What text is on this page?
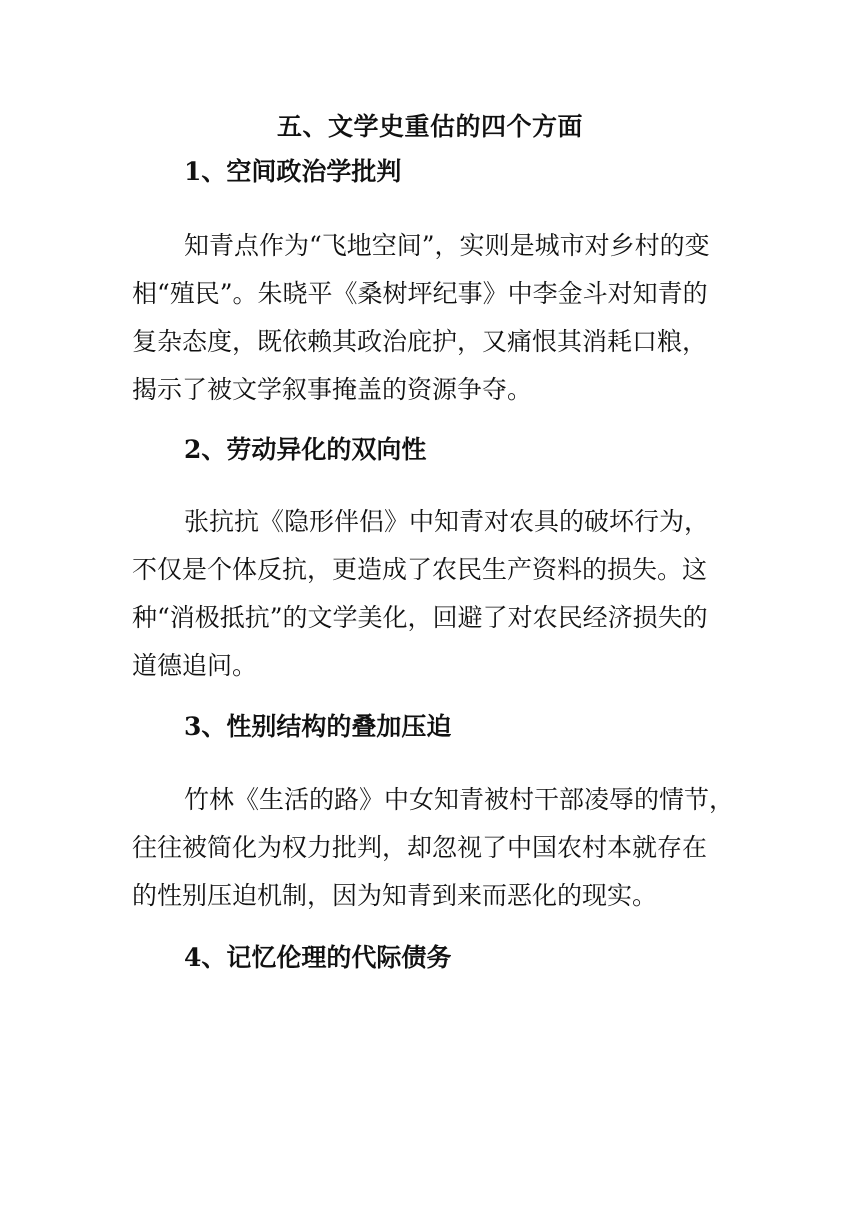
五、文学史重估的四个方面
1、空间政治学批判
知青点作为“飞地空间”，实则是城市对乡村的变
相“殖民”。朱晓平《桑树坪纪事》中李金斗对知青的
复杂态度，既依赖其政治庇护，又痛恨其消耗口粮，
揭示了被文学叙事掩盖的资源争夺。
2、劳动异化的双向性
张抗抗《隐形伴侣》中知青对农具的破坏行为，
不仅是个体反抗，更造成了农民生产资料的损失。这
种“消极抵抗”的文学美化，回避了对农民经济损失的
道德追问。
3、性别结构的叠加压迫
竹林《生活的路》中女知青被村干部凌辱的情节，
往往被简化为权力批判，却忽视了中国农村本就存在
的性别压迫机制，因为知青到来而恶化的现实。
4、记忆伦理的代际债务
